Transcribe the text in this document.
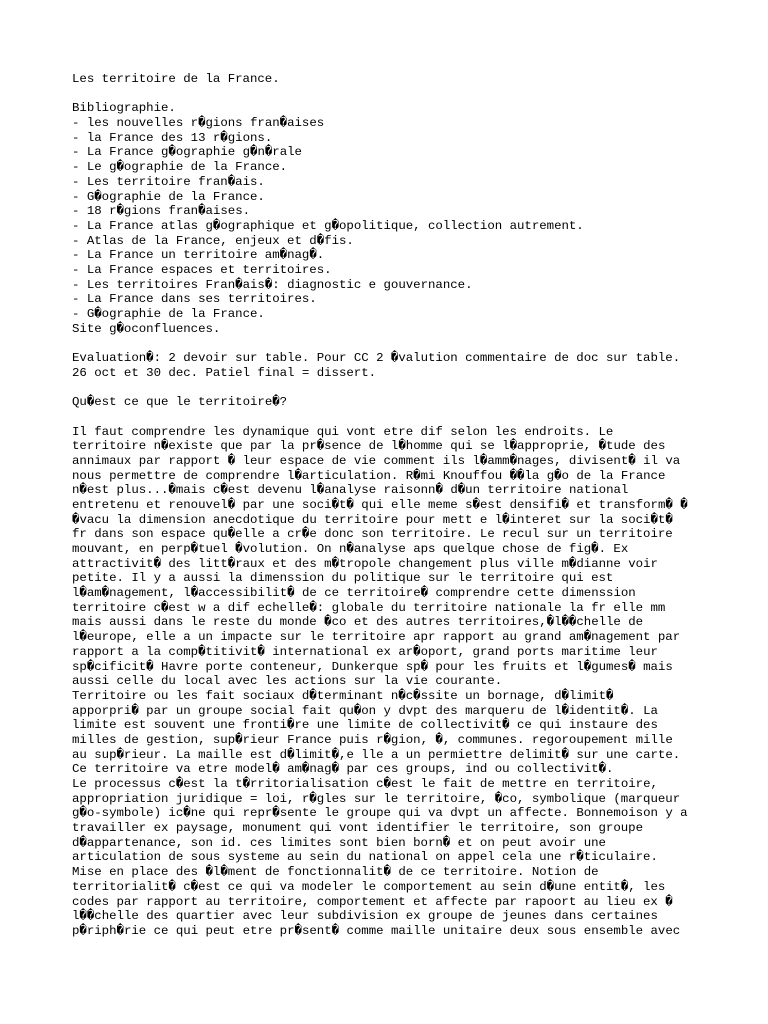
Les territoire de la France.
Bibliographie.
- les nouvelles r�gions fran�aises
- la France des 13 r�gions.
- La France g�ographie g�n�rale
- Le g�ographie de la France.
- Les territoire fran�ais.
- G�ographie de la France.
- 18 r�gions fran�aises.
- La France atlas g�ographique et g�opolitique, collection autrement.
- Atlas de la France, enjeux et d�fis.
- La France un territoire am�nag�.
- La France espaces et territoires.
- Les territoires Fran�ais�: diagnostic e gouvernance.
- La France dans ses territoires.
- G�ographie de la France.
Site g�oconfluences.
Evaluation�: 2 devoir sur table. Pour CC 2 �valution commentaire de doc sur table.
26 oct et 30 dec. Patiel final = dissert.
Qu�est ce que le territoire�?
Il faut comprendre les dynamique qui vont etre dif selon les endroits. Le
territoire n�existe que par la pr�sence de l�homme qui se l�approprie, �tude des
annimaux par rapport � leur espace de vie comment ils l�amm�nages, divisent� il va
nous permettre de comprendre l�articulation. R�mi Knouffou ��la g�o de la France
n�est plus...�mais c�est devenu l�analyse raisonn� d�un territoire national
entretenu et renouvel� par une soci�t� qui elle meme s�est densifi� et transform� �
�vacu la dimension anecdotique du territoire pour mett e l�interet sur la soci�t�
fr dans son espace qu�elle a cr�e donc son territoire. Le recul sur un territoire
mouvant, en perp�tuel �volution. On n�analyse aps quelque chose de fig�. Ex
attractivit� des litt�raux et des m�tropole changement plus ville m�dianne voir
petite. Il y a aussi la dimenssion du politique sur le territoire qui est
l�am�nagement, l�accessibilit� de ce territoire� comprendre cette dimenssion
territoire c�est w a dif echelle�: globale du territoire nationale la fr elle mm
mais aussi dans le reste du monde �co et des autres territoires,�l��chelle de
l�europe, elle a un impacte sur le territoire apr rapport au grand am�nagement par
rapport a la comp�titivit� international ex ar�oport, grand ports maritime leur
sp�cificit� Havre porte conteneur, Dunkerque sp� pour les fruits et l�gumes� mais
aussi celle du local avec les actions sur la vie courante.
Territoire ou les fait sociaux d�terminant n�c�ssite un bornage, d�limit�
apporpri� par un groupe social fait qu�on y dvpt des marqueru de l�identit�. La
limite est souvent une fronti�re une limite de collectivit� ce qui instaure des
milles de gestion, sup�rieur France puis r�gion, �, communes. regoroupement mille
au sup�rieur. La maille est d�limit�,e lle a un permiettre delimit� sur une carte.
Ce territoire va etre model� am�nag� par ces groups, ind ou collectivit�.
Le processus c�est la t�rritorialisation c�est le fait de mettre en territoire,
appropriation juridique = loi, r�gles sur le territoire, �co, symbolique (marqueur
g�o-symbole) ic�ne qui repr�sente le groupe qui va dvpt un affecte. Bonnemoison y a
travailler ex paysage, monument qui vont identifier le territoire, son groupe
d�appartenance, son id. ces limites sont bien born� et on peut avoir une
articulation de sous systeme au sein du national on appel cela une r�ticulaire.
Mise en place des �l�ment de fonctionnalit� de ce territoire. Notion de
territorialit� c�est ce qui va modeler le comportement au sein d�une entit�, les
codes par rapport au territoire, comportement et affecte par rapoort au lieu ex �
l��chelle des quartier avec leur subdivision ex groupe de jeunes dans certaines
p�riph�rie ce qui peut etre pr�sent� comme maille unitaire deux sous ensemble avec
